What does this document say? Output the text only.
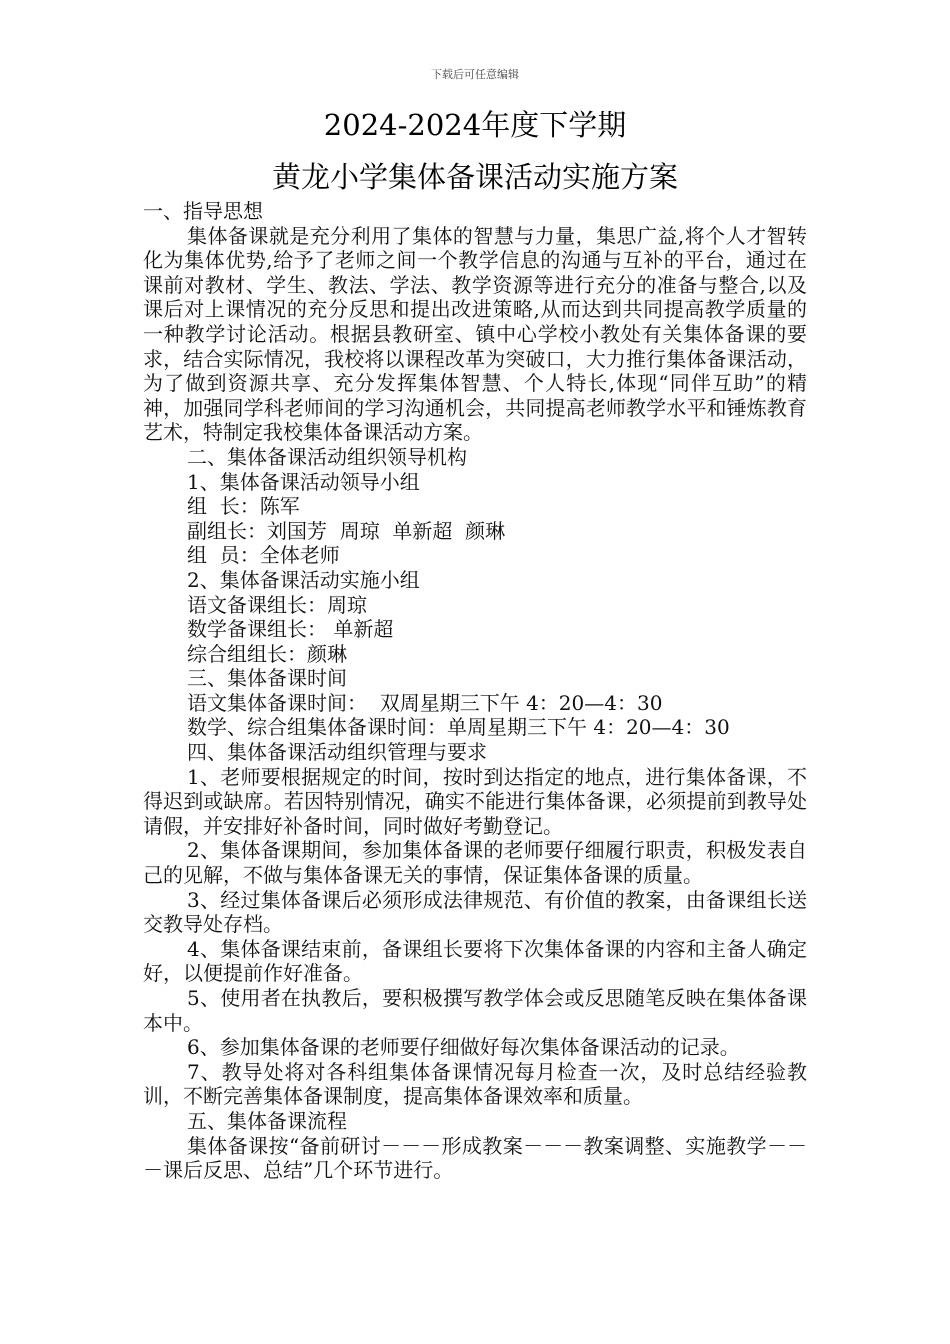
下载后可任意编辑
2024-2024年度下学期
黄龙小学集体备课活动实施方案
一、指导思想
集体备课就是充分利用了集体的智慧与力量，集思广益,将个人才智转化为集体优势,给予了老师之间一个教学信息的沟通与互补的平台，通过在课前对教材、学生、教法、学法、教学资源等进行充分的准备与整合,以及课后对上课情况的充分反思和提出改进策略,从而达到共同提高教学质量的一种教学讨论活动。根据县教研室、镇中心学校小教处有关集体备课的要求，结合实际情况，我校将以课程改革为突破口，大力推行集体备课活动，为了做到资源共享、充分发挥集体智慧、个人特长,体现“同伴互助”的精神，加强同学科老师间的学习沟通机会，共同提高老师教学水平和锤炼教育艺术，特制定我校集体备课活动方案。
二、集体备课活动组织领导机构
1、集体备课活动领导小组
组  长：陈军
副组长：刘国芳  周琼  单新超  颜琳
组  员：全体老师
2、集体备课活动实施小组
语文备课组长：周琼
数学备课组长： 单新超
综合组组长：颜琳
三、集体备课时间
语文集体备课时间：  双周星期三下午 4：20—4：30
数学、综合组集体备课时间：单周星期三下午 4：20—4：30
四、集体备课活动组织管理与要求
1、老师要根据规定的时间，按时到达指定的地点，进行集体备课，不得迟到或缺席。若因特别情况，确实不能进行集体备课，必须提前到教导处请假，并安排好补备时间，同时做好考勤登记。
2、集体备课期间，参加集体备课的老师要仔细履行职责，积极发表自己的见解，不做与集体备课无关的事情，保证集体备课的质量。
3、经过集体备课后必须形成法律规范、有价值的教案，由备课组长送交教导处存档。
4、集体备课结束前，备课组长要将下次集体备课的内容和主备人确定好，以便提前作好准备。
5、使用者在执教后，要积极撰写教学体会或反思随笔反映在集体备课本中。
6、参加集体备课的老师要仔细做好每次集体备课活动的记录。
7、教导处将对各科组集体备课情况每月检查一次，及时总结经验教训，不断完善集体备课制度，提高集体备课效率和质量。
五、集体备课流程
集体备课按“备前研讨－－－形成教案－－－教案调整、实施教学－－－课后反思、总结”几个环节进行。
